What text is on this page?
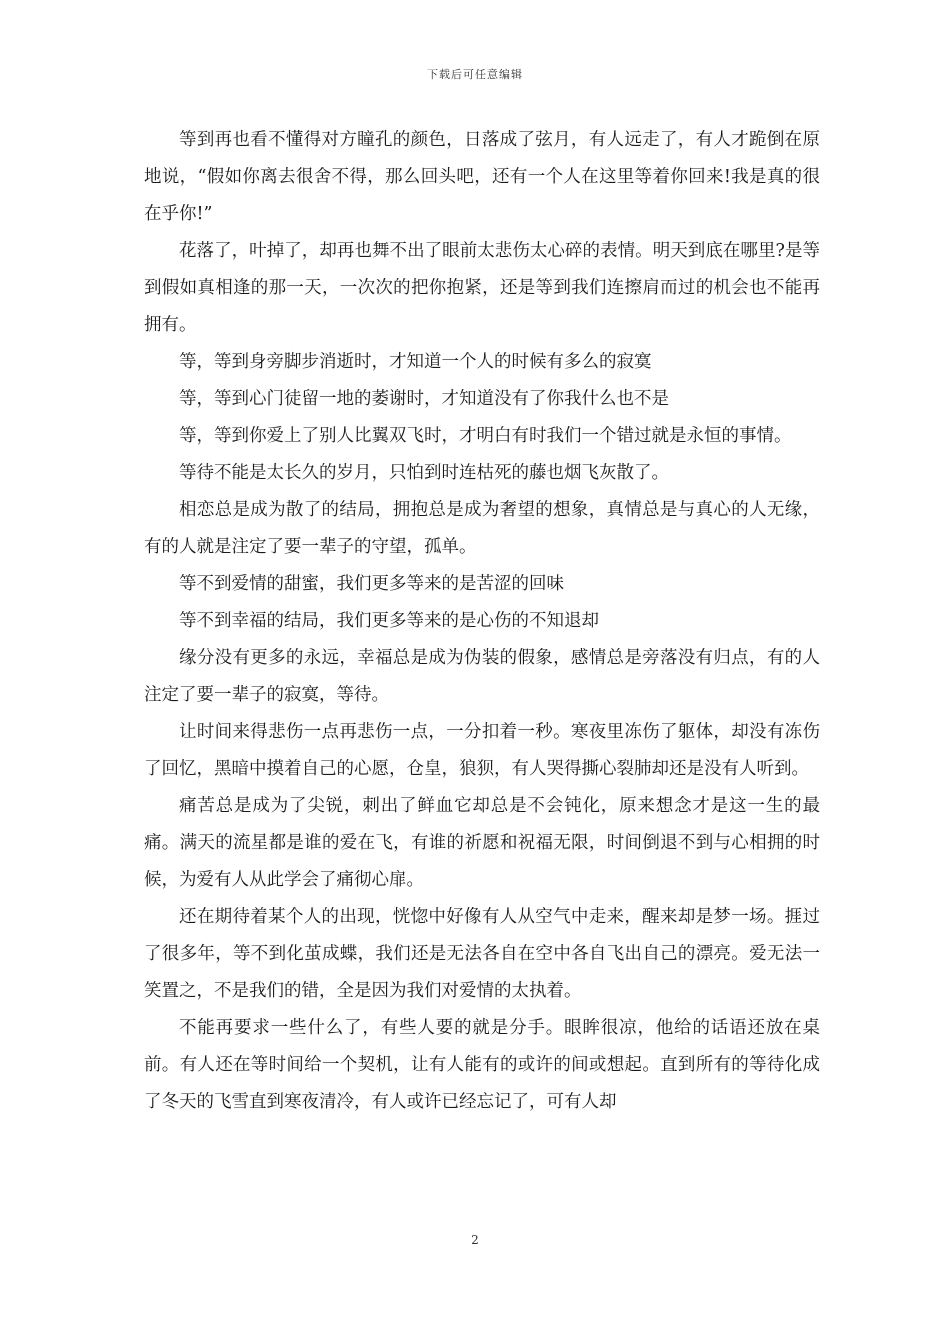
下载后可任意编辑

等到再也看不懂得对方瞳孔的颜色，日落成了弦月，有人远走了，有人才跪倒在原地说，“假如你离去很舍不得，那么回头吧，还有一个人在这里等着你回来!我是真的很在乎你!”

花落了，叶掉了，却再也舞不出了眼前太悲伤太心碎的表情。明天到底在哪里?是等到假如真相逢的那一天，一次次的把你抱紧，还是等到我们连擦肩而过的机会也不能再拥有。

等，等到身旁脚步消逝时，才知道一个人的时候有多么的寂寞

等，等到心门徒留一地的萎谢时，才知道没有了你我什么也不是

等，等到你爱上了别人比翼双飞时，才明白有时我们一个错过就是永恒的事情。

等待不能是太长久的岁月，只怕到时连枯死的藤也烟飞灰散了。

相恋总是成为散了的结局，拥抱总是成为奢望的想象，真情总是与真心的人无缘，有的人就是注定了要一辈子的守望，孤单。

等不到爱情的甜蜜，我们更多等来的是苦涩的回味

等不到幸福的结局，我们更多等来的是心伤的不知退却

缘分没有更多的永远，幸福总是成为伪装的假象，感情总是旁落没有归点，有的人注定了要一辈子的寂寞，等待。

让时间来得悲伤一点再悲伤一点，一分扣着一秒。寒夜里冻伤了躯体，却没有冻伤了回忆，黑暗中摸着自己的心愿，仓皇，狼狈，有人哭得撕心裂肺却还是没有人听到。

痛苦总是成为了尖锐，刺出了鲜血它却总是不会钝化，原来想念才是这一生的最痛。满天的流星都是谁的爱在飞，有谁的祈愿和祝福无限，时间倒退不到与心相拥的时候，为爱有人从此学会了痛彻心扉。

还在期待着某个人的出现，恍惚中好像有人从空气中走来，醒来却是梦一场。捱过了很多年，等不到化茧成蝶，我们还是无法各自在空中各自飞出自己的漂亮。爱无法一笑置之，不是我们的错，全是因为我们对爱情的太执着。

不能再要求一些什么了，有些人要的就是分手。眼眸很凉，他给的话语还放在桌前。有人还在等时间给一个契机，让有人能有的或许的间或想起。直到所有的等待化成了冬天的飞雪直到寒夜清冷，有人或许已经忘记了，可有人却

2
